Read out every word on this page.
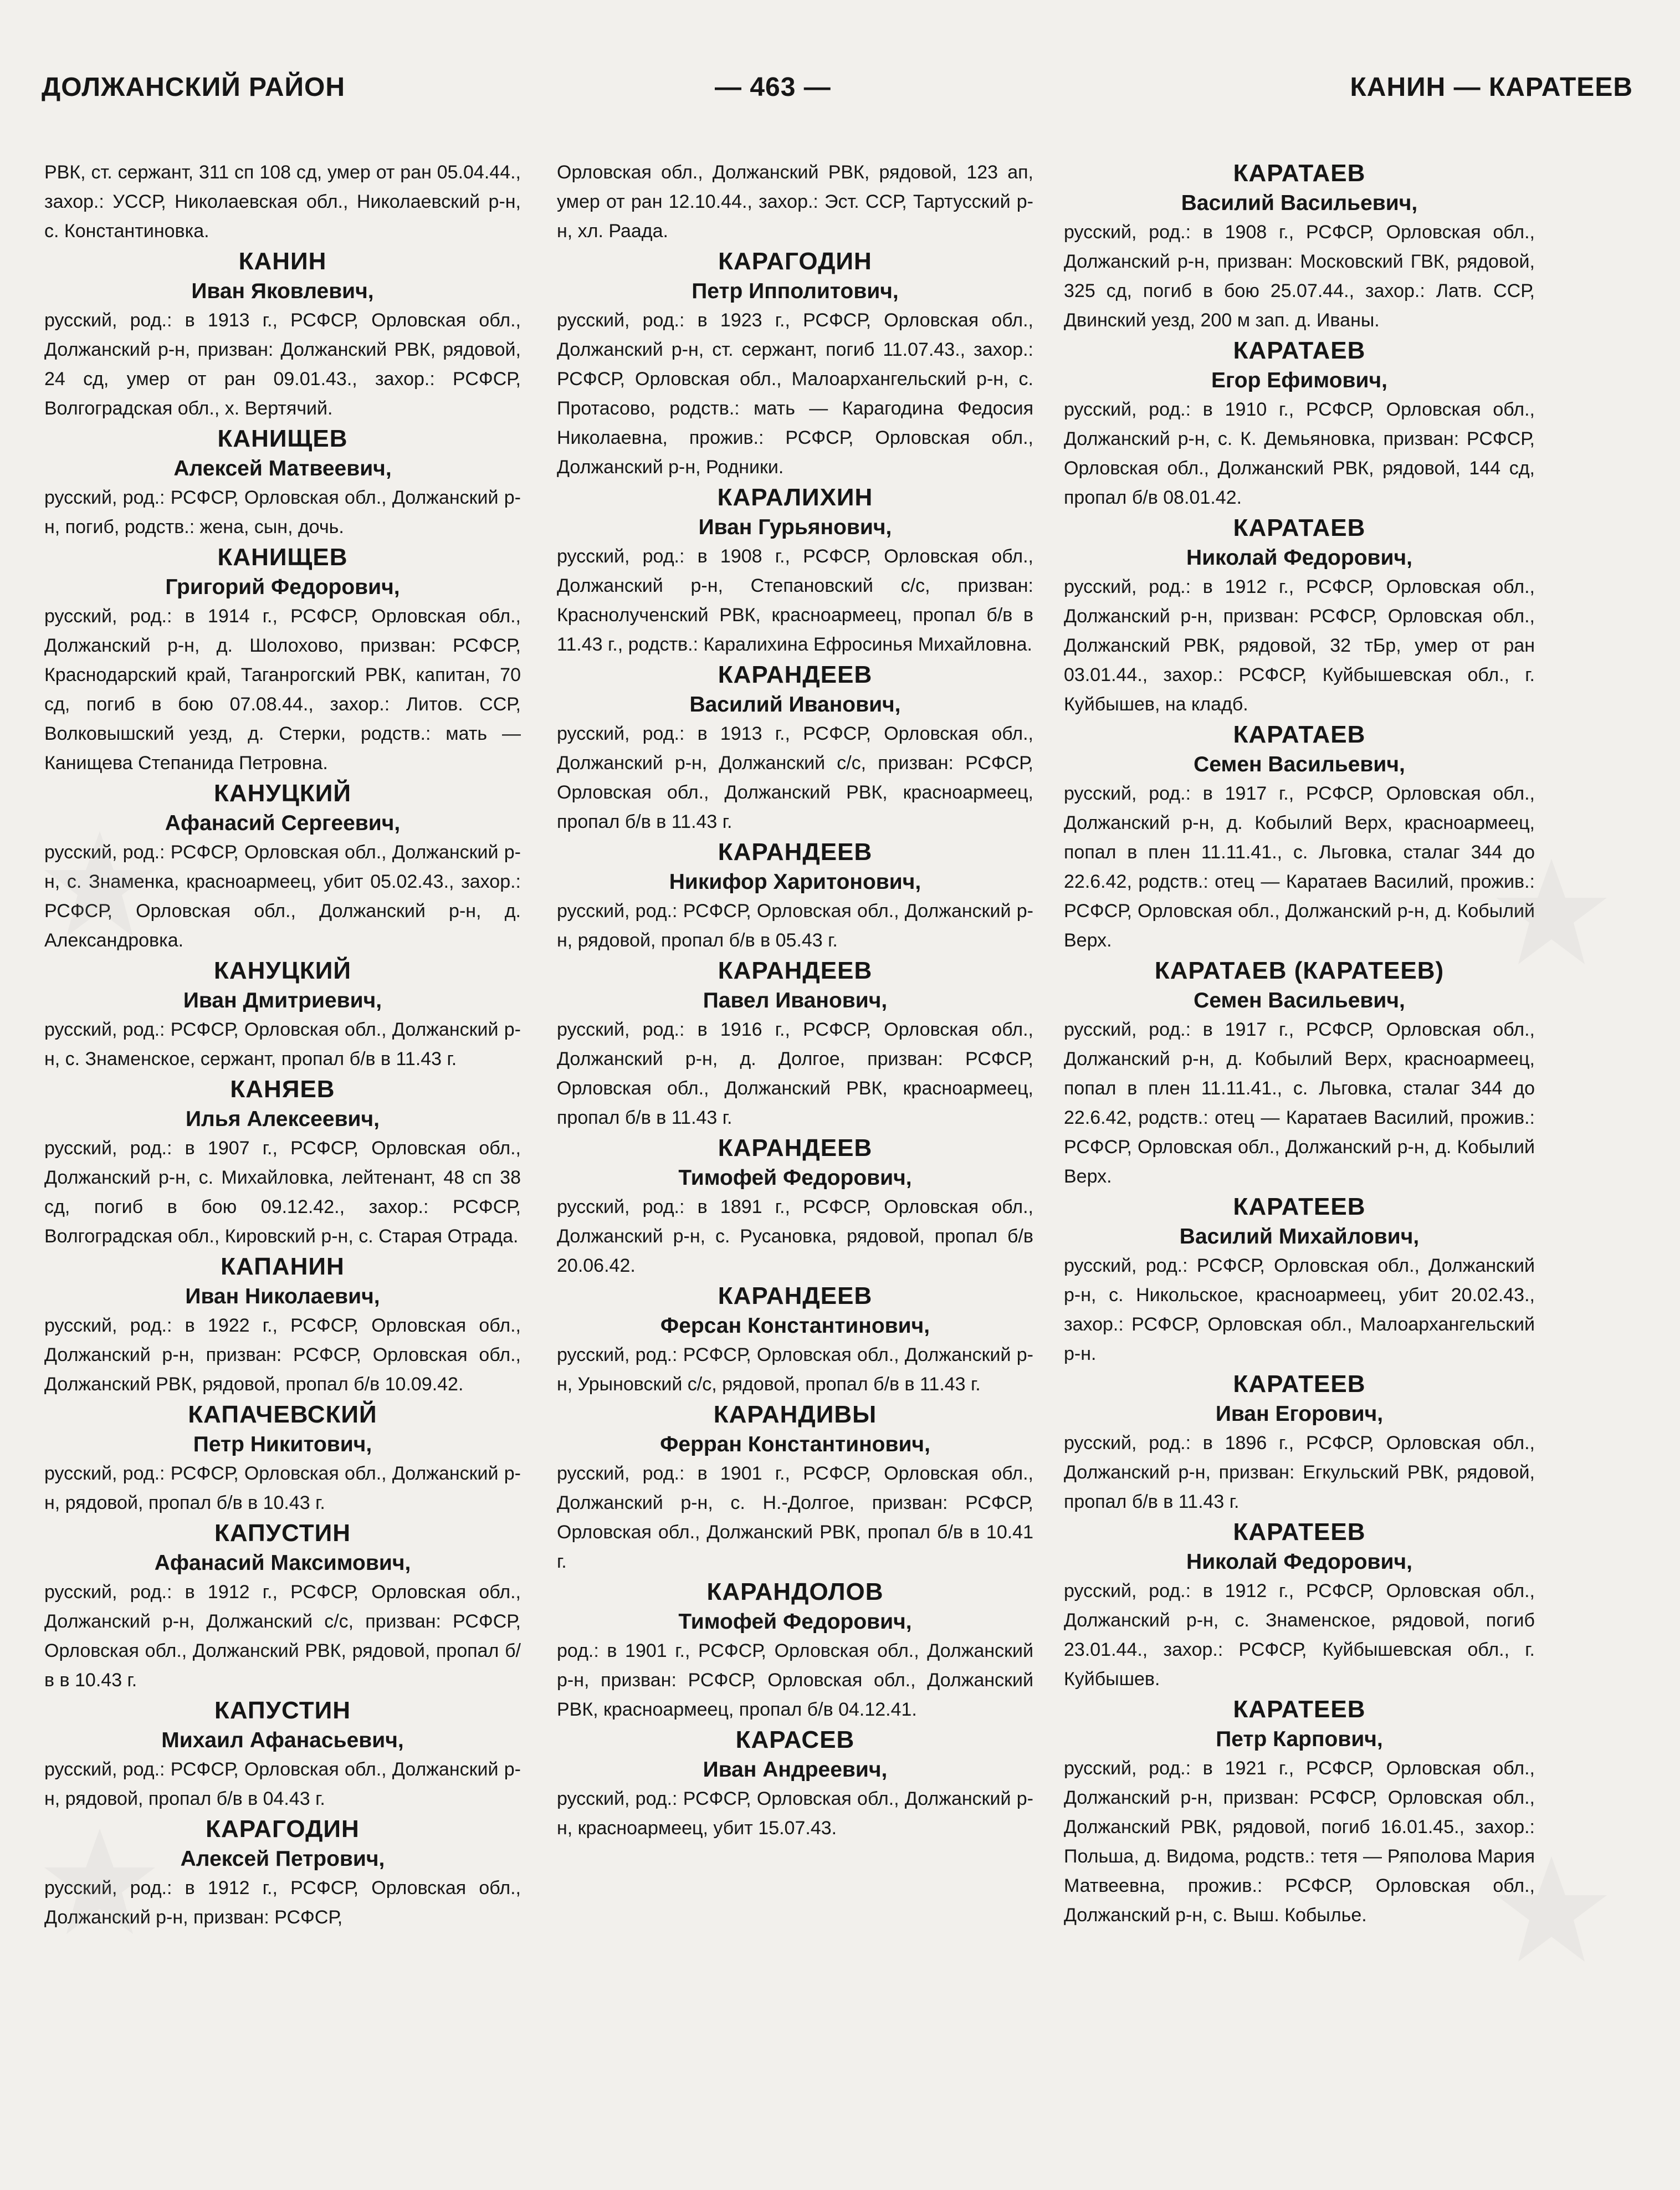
ДОЛЖАНСКИЙ РАЙОН	— 463 —	КАНИН — КАРАТЕЕВ

РВК, ст. сержант, 311 сп 108 сд, умер от ран 05.04.44., захор.: УССР, Николаевская обл., Николаевский р-н, с. Константиновка.

КАНИН

Иван Яковлевич,

русский, род.: в 1913 г., РСФСР, Орловская обл., Должанский р-н, призван: Должанский РВК, рядовой, 24 сд, умер от ран 09.01.43., захор.: РСФСР, Волгоградская обл., х. Вертячий.

КАНИЩЕВ

Алексей Матвеевич,

русский, род.: РСФСР, Орловская обл., Должанский р-н, погиб, родств.: жена, сын, дочь.

КАНИЩЕВ

Григорий Федорович,

русский, род.: в 1914 г., РСФСР, Орловская обл., Должанский р-н, д. Шолохово, призван: РСФСР, Краснодарский край, Таганрогский РВК, капитан, 70 сд, погиб в бою 07.08.44., захор.: Литов. ССР, Волковышский уезд, д. Стерки, родств.: мать — Канищева Степанида Петровна.

КАНУЦКИЙ

Афанасий Сергеевич,

русский, род.: РСФСР, Орловская обл., Должанский р-н, с. Знаменка, красноармеец, убит 05.02.43., захор.: РСФСР, Орловская обл., Должанский р-н, д. Александровка.

КАНУЦКИЙ

Иван Дмитриевич,

русский, род.: РСФСР, Орловская обл., Должанский р-н, с. Знаменское, сержант, пропал б/в в 11.43 г.

КАНЯЕВ

Илья Алексеевич,

русский, род.: в 1907 г., РСФСР, Орловская обл., Должанский р-н, с. Михайловка, лейтенант, 48 сп 38 сд, погиб в бою 09.12.42., захор.: РСФСР, Волгоградская обл., Кировский р-н, с. Старая Отрада.

КАПАНИН

Иван Николаевич,

русский, род.: в 1922 г., РСФСР, Орловская обл., Должанский р-н, призван: РСФСР, Орловская обл., Должанский РВК, рядовой, пропал б/в 10.09.42.

КАПАЧЕВСКИЙ

Петр Никитович,

русский, род.: РСФСР, Орловская обл., Должанский р-н, рядовой, пропал б/в в 10.43 г.

КАПУСТИН

Афанасий Максимович,

русский, род.: в 1912 г., РСФСР, Орловская обл., Должанский р-н, Должанский с/с, призван: РСФСР, Орловская обл., Должанский РВК, рядовой, пропал б/в в 10.43 г.

КАПУСТИН

Михаил Афанасьевич,

русский, род.: РСФСР, Орловская обл., Должанский р-н, рядовой, пропал б/в в 04.43 г.

КАРАГОДИН

Алексей Петрович,

русский, род.: в 1912 г., РСФСР, Орловская обл., Должанский р-н, призван: РСФСР,

Орловская обл., Должанский РВК, рядовой, 123 ап, умер от ран 12.10.44., захор.: Эст. ССР, Тартусский р-н, хл. Раада.

КАРАГОДИН

Петр Ипполитович,

русский, род.: в 1923 г., РСФСР, Орловская обл., Должанский р-н, ст. сержант, погиб 11.07.43., захор.: РСФСР, Орловская обл., Малоархангельский р-н, с. Протасово, родств.: мать — Карагодина Федосия Николаевна, прожив.: РСФСР, Орловская обл., Должанский р-н, Родники.

КАРАЛИХИН

Иван Гурьянович,

русский, род.: в 1908 г., РСФСР, Орловская обл., Должанский р-н, Степановский с/с, призван: Краснолученский РВК, красноармеец, пропал б/в в 11.43 г., родств.: Каралихина Ефросинья Михайловна.

КАРАНДЕЕВ

Василий Иванович,

русский, род.: в 1913 г., РСФСР, Орловская обл., Должанский р-н, Должанский с/с, призван: РСФСР, Орловская обл., Должанский РВК, красноармеец, пропал б/в в 11.43 г.

КАРАНДЕЕВ

Никифор Харитонович,

русский, род.: РСФСР, Орловская обл., Должанский р-н, рядовой, пропал б/в в 05.43 г.

КАРАНДЕЕВ

Павел Иванович,

русский, род.: в 1916 г., РСФСР, Орловская обл., Должанский р-н, д. Долгое, призван: РСФСР, Орловская обл., Должанский РВК, красноармеец, пропал б/в в 11.43 г.

КАРАНДЕЕВ

Тимофей Федорович,

русский, род.: в 1891 г., РСФСР, Орловская обл., Должанский р-н, с. Русановка, рядовой, пропал б/в 20.06.42.

КАРАНДЕЕВ

Ферсан Константинович,

русский, род.: РСФСР, Орловская обл., Должанский р-н, Урыновский с/с, рядовой, пропал б/в в 11.43 г.

КАРАНДИВЫ

Ферран Константинович,

русский, род.: в 1901 г., РСФСР, Орловская обл., Должанский р-н, с. Н.-Долгое, призван: РСФСР, Орловская обл., Должанский РВК, пропал б/в в 10.41 г.

КАРАНДОЛОВ

Тимофей Федорович,

род.: в 1901 г., РСФСР, Орловская обл., Должанский р-н, призван: РСФСР, Орловская обл., Должанский РВК, красноармеец, пропал б/в 04.12.41.

КАРАСЕВ

Иван Андреевич,

русский, род.: РСФСР, Орловская обл., Должанский р-н, красноармеец, убит 15.07.43.

КАРАТАЕВ

Василий Васильевич,

русский, род.: в 1908 г., РСФСР, Орловская обл., Должанский р-н, призван: Московский ГВК, рядовой, 325 сд, погиб в бою 25.07.44., захор.: Латв. ССР, Двинский уезд, 200 м зап. д. Иваны.

КАРАТАЕВ

Егор Ефимович,

русский, род.: в 1910 г., РСФСР, Орловская обл., Должанский р-н, с. К. Демьяновка, призван: РСФСР, Орловская обл., Должанский РВК, рядовой, 144 сд, пропал б/в 08.01.42.

КАРАТАЕВ

Николай Федорович,

русский, род.: в 1912 г., РСФСР, Орловская обл., Должанский р-н, призван: РСФСР, Орловская обл., Должанский РВК, рядовой, 32 тБр, умер от ран 03.01.44., захор.: РСФСР, Куйбышевская обл., г. Куйбышев, на кладб.

КАРАТАЕВ

Семен Васильевич,

русский, род.: в 1917 г., РСФСР, Орловская обл., Должанский р-н, д. Кобылий Верх, красноармеец, попал в плен 11.11.41., с. Льговка, сталаг 344 до 22.6.42, родств.: отец — Каратаев Василий, прожив.: РСФСР, Орловская обл., Должанский р-н, д. Кобылий Верх.

КАРАТАЕВ (КАРАТЕЕВ)

Семен Васильевич,

русский, род.: в 1917 г., РСФСР, Орловская обл., Должанский р-н, д. Кобылий Верх, красноармеец, попал в плен 11.11.41., с. Льговка, сталаг 344 до 22.6.42, родств.: отец — Каратаев Василий, прожив.: РСФСР, Орловская обл., Должанский р-н, д. Кобылий Верх.

КАРАТЕЕВ

Василий Михайлович,

русский, род.: РСФСР, Орловская обл., Должанский р-н, с. Никольское, красноармеец, убит 20.02.43., захор.: РСФСР, Орловская обл., Малоархангельский р-н.

КАРАТЕЕВ

Иван Егорович,

русский, род.: в 1896 г., РСФСР, Орловская обл., Должанский р-н, призван: Егкульский РВК, рядовой, пропал б/в в 11.43 г.

КАРАТЕЕВ

Николай Федорович,

русский, род.: в 1912 г., РСФСР, Орловская обл., Должанский р-н, с. Знаменское, рядовой, погиб 23.01.44., захор.: РСФСР, Куйбышевская обл., г. Куйбышев.

КАРАТЕЕВ

Петр Карпович,

русский, род.: в 1921 г., РСФСР, Орловская обл., Должанский р-н, призван: РСФСР, Орловская обл., Должанский РВК, рядовой, погиб 16.01.45., захор.: Польша, д. Видома, родств.: тетя — Ряполова Мария Матвеевна, прожив.: РСФСР, Орловская обл., Должанский р-н, с. Выш. Кобылье.
